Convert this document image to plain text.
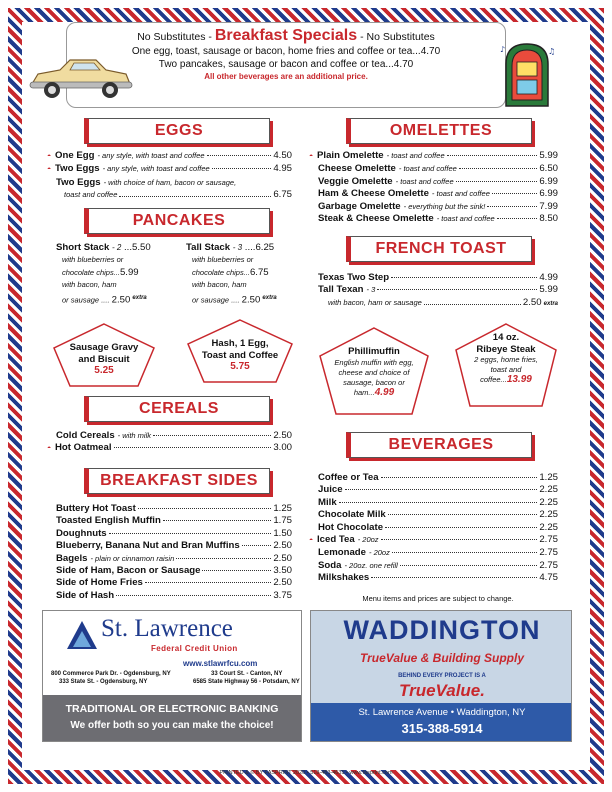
No Substitutes - Breakfast Specials - No Substitutes
One egg, toast, sausage or bacon, home fries and coffee or tea...4.70
Two pancakes, sausage or bacon and coffee or tea...4.70
All other beverages are an additional price.
♪	♫
EGGS
◓ One Egg - any style, with toast and coffee	4.50
◓ Two Eggs - any style, with toast and coffee	4.95
Two Eggs - with choice of ham, bacon or sausage,
toast and coffee	6.75
PANCAKES
Short Stack - 2 ...5.50
with blueberries or
chocolate chips...5.99
with bacon, ham
or sausage .... 2.50 $^{extra}$
Tall Stack - 3 ....6.25
with blueberries or
chocolate chips...6.75
with bacon, ham
or sausage .... 2.50 $^{extra}$
Sausage Gravy
and Biscuit
5.25
Hash, 1 Egg,
Toast and Coffee
5.75
CEREALS
Cold Cereals - with milk	2.50
◓ Hot Oatmeal	3.00
BREAKFAST SIDES
Buttery Hot Toast	1.25
Toasted English Muffin	1.75
Doughnuts	1.50
Blueberry, Banana Nut and Bran Muffins	2.50
Bagels - plain or cinnamon raisin	2.50
Side of Ham, Bacon or Sausage	3.50
Side of Home Fries	2.50
Side of Hash	3.75
OMELETTES
◓ Plain Omelette - toast and coffee	5.99
Cheese Omelette - toast and coffee	6.50
Veggie Omelette - toast and coffee	6.99
Ham & Cheese Omelette - toast and coffee	6.99
Garbage Omelette - everything but the sink!	7.99
Steak & Cheese Omelette - toast and coffee	8.50
FRENCH TOAST
Texas Two Step	4.99
Tall Texan - 3	5.99
with bacon, ham or sausage	2.50
extra
Phillimuffin
English muffin with egg,
cheese and choice of
sausage, bacon or
ham...4.99
14 oz.
Ribeye Steak
2 eggs, home fries,
toast and
coffee...13.99
BEVERAGES
Coffee or Tea	1.25
Juice	2.25
Milk	2.25
Chocolate Milk	2.25
Hot Chocolate	2.25
◓ Iced Tea - 20oz	2.75
Lemonade - 20oz	2.75
Soda - 20oz. one refill	2.75
Milkshakes	4.75
Menu items and prices are subject to change.
St. Lawrence
Federal Credit Union
www.stlawrfcu.com
800 Commerce Park Dr. - Ogdensburg, NY
333 State St. - Ogdensburg, NY
33 Court St. - Canton, NY
6585 State Highway 56 - Potsdam, NY
TRADITIONAL OR ELECTRONIC BANKING
We offer both so you can make the choice!
WADDINGTON
TrueValue & Building Supply
BEHIND EVERY PROJECT IS A
TrueValue.
St. Lawrence Avenue • Waddington, NY
315-388-5914
PRINTED & © BY FASPRINT 2020 • 518-483-4631 • www.fasprint.com
